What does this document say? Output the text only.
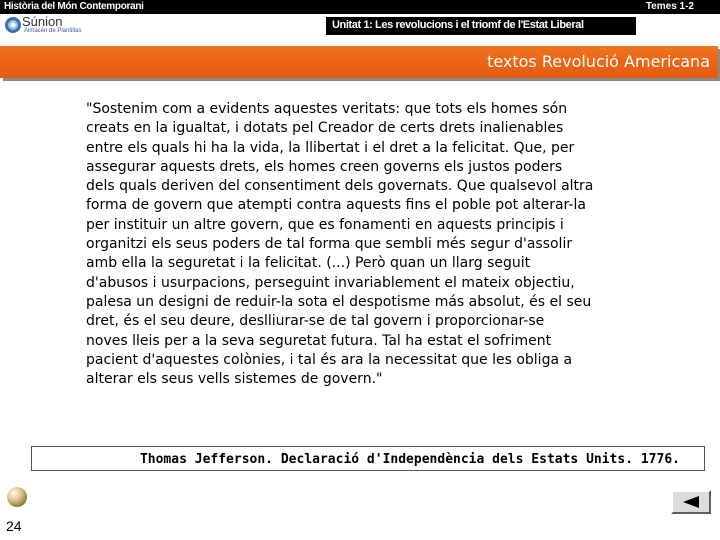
Història del Món Contemporani	Temes 1-2
Súnion
Almacén de Plantillas	Unitat 1: Les revolucions i el triomf de l'Estat Liberal
textos Revolució Americana

"Sostenim com a evidents aquestes veritats: que tots els homes són
creats en la igualtat, i dotats pel Creador de certs drets inalienables
entre els quals hi ha la vida, la llibertat i el dret a la felicitat. Que, per
assegurar aquests drets, els homes creen governs els justos poders
dels quals deriven del consentiment dels governats. Que qualsevol altra
forma de govern que atempti contra aquests fins el poble pot alterar-la
per instituir un altre govern, que es fonamenti en aquests principis i
organitzi els seus poders de tal forma que sembli més segur d'assolir
amb ella la seguretat i la felicitat. (...) Però quan un llarg seguit
d'abusos i usurpacions, perseguint invariablement el mateix objectiu,
palesa un designi de reduir-la sota el despotisme más absolut, és el seu
dret, és el seu deure, deslliurar-se de tal govern i proporcionar-se
noves lleis per a la seva seguretat futura. Tal ha estat el sofriment
pacient d'aquestes colònies, i tal és ara la necessitat que les obliga a
alterar els seus vells sistemes de govern."

Thomas Jefferson. Declaració d'Independència dels Estats Units. 1776.
24
